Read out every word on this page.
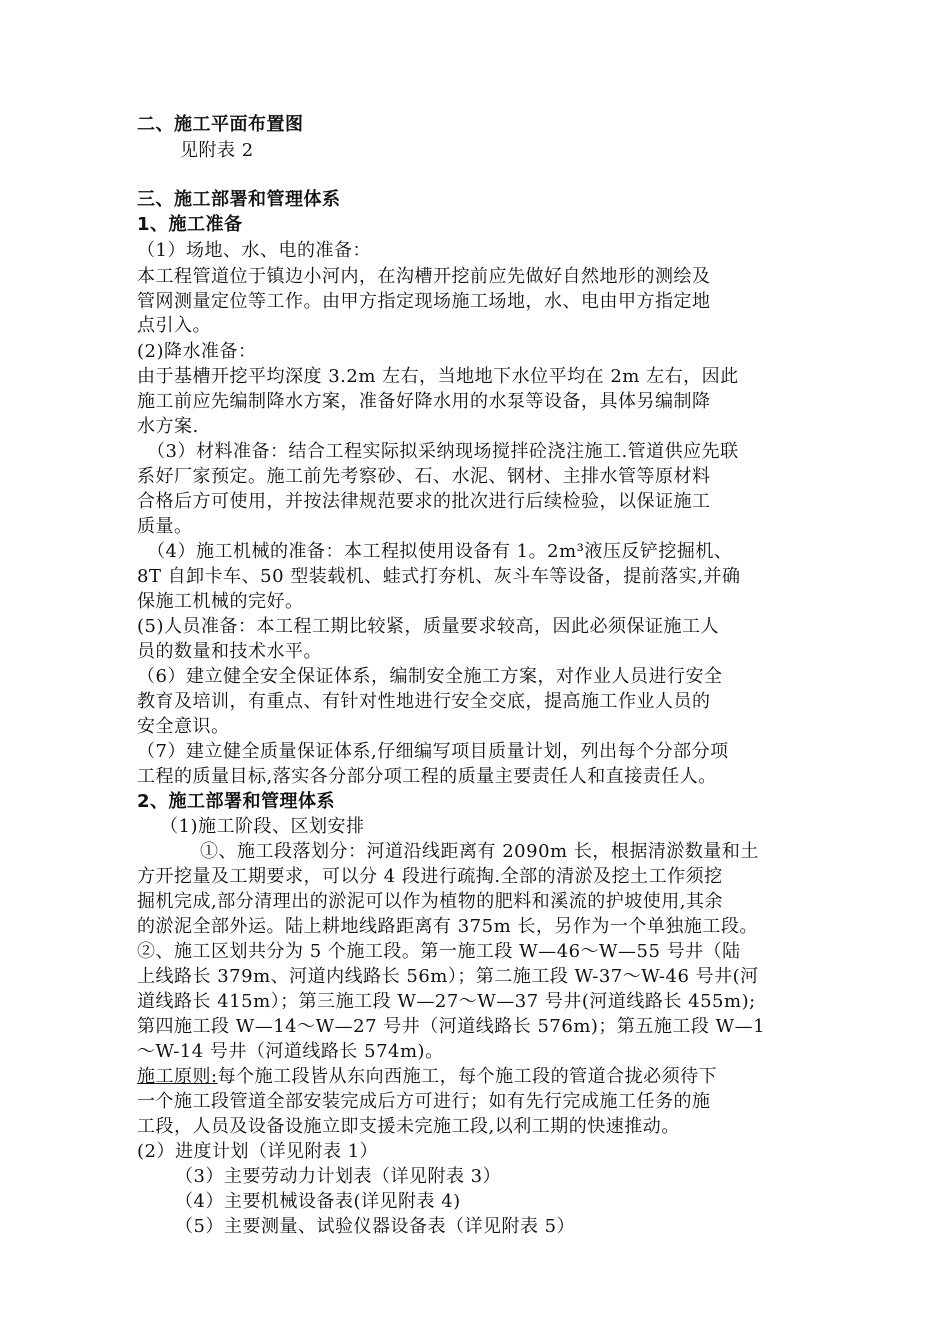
二、施工平面布置图
见附表 2
三、施工部署和管理体系
1、施工准备
（1）场地、水、电的准备：
本工程管道位于镇边小河内，在沟槽开挖前应先做好自然地形的测绘及
管网测量定位等工作。由甲方指定现场施工场地，水、电由甲方指定地
点引入。
(2)降水准备：
由于基槽开挖平均深度 3.2m 左右，当地地下水位平均在 2m 左右，因此
施工前应先编制降水方案，准备好降水用的水泵等设备，具体另编制降
水方案.
（3）材料准备：结合工程实际拟采纳现场搅拌砼浇注施工.管道供应先联
系好厂家预定。施工前先考察砂、石、水泥、钢材、主排水管等原材料
合格后方可使用，并按法律规范要求的批次进行后续检验，以保证施工
质量。
（4）施工机械的准备：本工程拟使用设备有 1。2m³液压反铲挖掘机、
8T 自卸卡车、50 型装载机、蛙式打夯机、灰斗车等设备，提前落实,并确
保施工机械的完好。
(5)人员准备：本工程工期比较紧，质量要求较高，因此必须保证施工人
员的数量和技术水平。
（6）建立健全安全保证体系，编制安全施工方案，对作业人员进行安全
教育及培训，有重点、有针对性地进行安全交底，提高施工作业人员的
安全意识。
（7）建立健全质量保证体系,仔细编写项目质量计划，列出每个分部分项
工程的质量目标,落实各分部分项工程的质量主要责任人和直接责任人。
2、施工部署和管理体系
（1)施工阶段、区划安排
①、施工段落划分：河道沿线距离有 2090m 长，根据清淤数量和土
方开挖量及工期要求，可以分 4 段进行疏掏.全部的清淤及挖土工作须挖
掘机完成,部分清理出的淤泥可以作为植物的肥料和溪流的护坡使用,其余
的淤泥全部外运。陆上耕地线路距离有 375m 长，另作为一个单独施工段。
②、施工区划共分为 5 个施工段。第一施工段 W—46～W—55 号井（陆
上线路长 379m、河道内线路长 56m）；第二施工段 W-37～W-46 号井(河
道线路长 415m）；第三施工段 W—27～W—37 号井(河道线路长 455m);
第四施工段 W—14～W—27 号井（河道线路长 576m)；第五施工段 W—1
～W-14 号井（河道线路长 574m)。
施工原则:每个施工段皆从东向西施工，每个施工段的管道合拢必须待下
一个施工段管道全部安装完成后方可进行；如有先行完成施工任务的施
工段，人员及设备设施立即支援未完施工段,以利工期的快速推动。
(2）进度计划（详见附表 1）
（3）主要劳动力计划表（详见附表 3）
（4）主要机械设备表(详见附表 4)
（5）主要测量、试验仪器设备表（详见附表 5）
